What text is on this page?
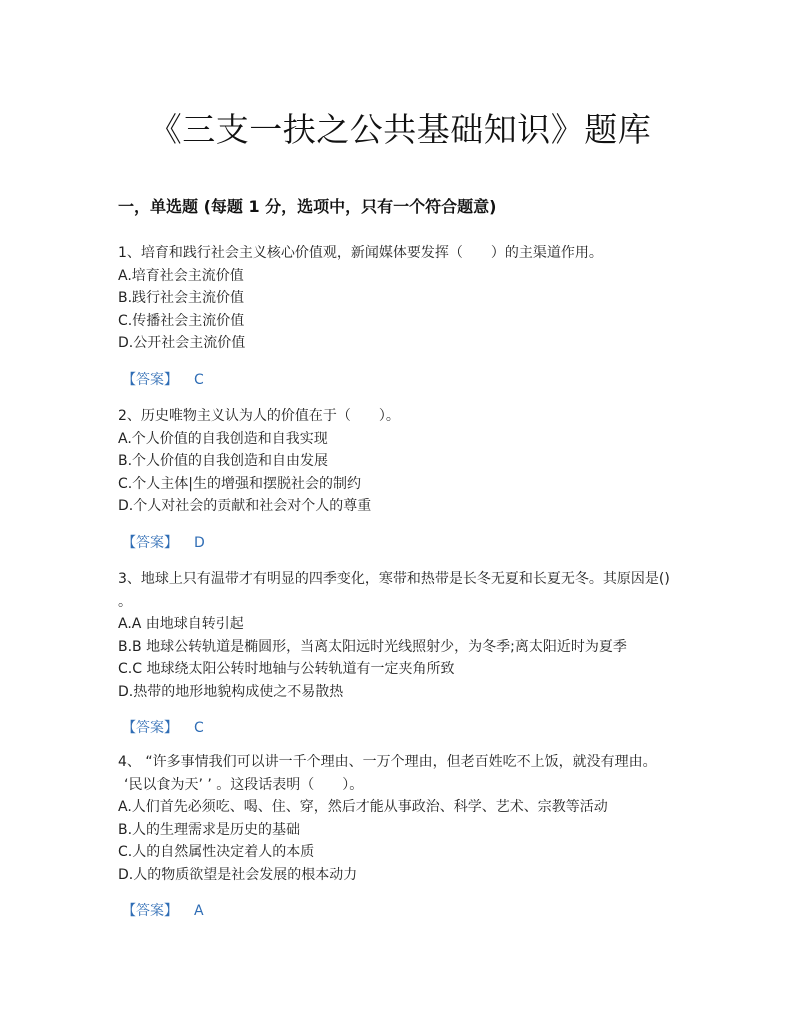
《三支一扶之公共基础知识》题库
一，单选题 (每题 1 分，选项中，只有一个符合题意)
1、培育和践行社会主义核心价值观，新闻媒体要发挥（　　）的主渠道作用。
A.培育社会主流价值
B.践行社会主流价值
C.传播社会主流价值
D.公开社会主流价值
【答案】 C
2、历史唯物主义认为人的价值在于（　　）。
A.个人价值的自我创造和自我实现
B.个人价值的自我创造和自由发展
C.个人主体|生的增强和摆脱社会的制约
D.个人对社会的贡献和社会对个人的尊重
【答案】 D
3、地球上只有温带才有明显的四季变化，寒带和热带是长冬无夏和长夏无冬。其原因是()
。
A.A 由地球自转引起
B.B 地球公转轨道是椭圆形，当离太阳远时光线照射少，为冬季;离太阳近时为夏季
C.C 地球绕太阳公转时地轴与公转轨道有一定夹角所致
D.热带的地形地貌构成使之不易散热
【答案】 C
4、 “许多事情我们可以讲一千个理由、一万个理由，但老百姓吃不上饭，就没有理由。
‘民以食为天’ ’ 。这段话表明（　　）。
A.人们首先必须吃、喝、住、穿，然后才能从事政治、科学、艺术、宗教等活动
B.人的生理需求是历史的基础
C.人的自然属性决定着人的本质
D.人的物质欲望是社会发展的根本动力
【答案】 A
